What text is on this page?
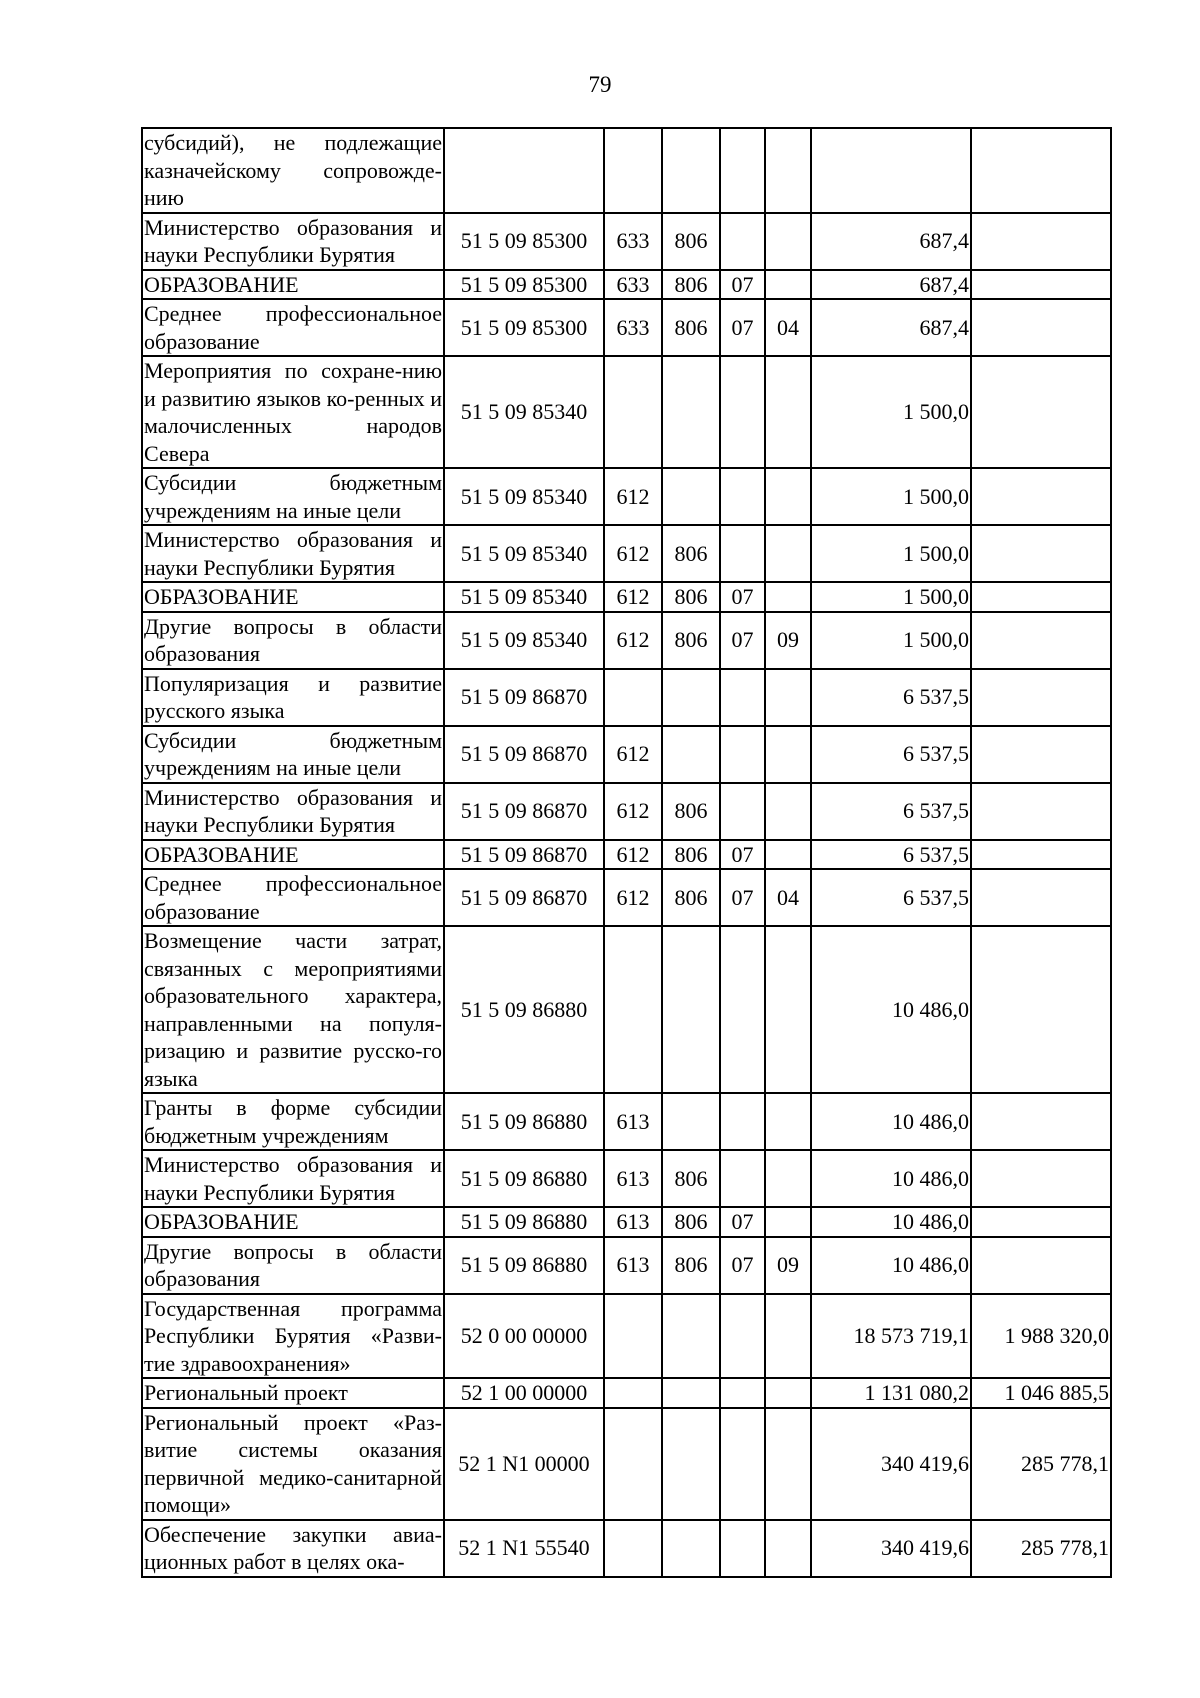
79
субсидий), не подлежащие казначейскому сопровожде-нию							
Министерство образования и науки Республики Бурятия	51 5 09 85300	633	806			687,4	
ОБРАЗОВАНИЕ	51 5 09 85300	633	806	07		687,4	
Среднее профессиональное образование	51 5 09 85300	633	806	07	04	687,4	
Мероприятия по сохране-нию и развитию языков ко-ренных и малочисленных народов Севера	51 5 09 85340					1 500,0	
Субсидии бюджетным учреждениям на иные цели	51 5 09 85340	612				1 500,0	
Министерство образования и науки Республики Бурятия	51 5 09 85340	612	806			1 500,0	
ОБРАЗОВАНИЕ	51 5 09 85340	612	806	07		1 500,0	
Другие вопросы в области образования	51 5 09 85340	612	806	07	09	1 500,0	
Популяризация и развитие русского языка	51 5 09 86870					6 537,5	
Субсидии бюджетным учреждениям на иные цели	51 5 09 86870	612				6 537,5	
Министерство образования и науки Республики Бурятия	51 5 09 86870	612	806			6 537,5	
ОБРАЗОВАНИЕ	51 5 09 86870	612	806	07		6 537,5	
Среднее профессиональное образование	51 5 09 86870	612	806	07	04	6 537,5	
Возмещение части затрат, связанных с мероприятиями образовательного характера, направленными на популя-ризацию и развитие русско-го языка	51 5 09 86880					10 486,0	
Гранты в форме субсидии бюджетным учреждениям	51 5 09 86880	613				10 486,0	
Министерство образования и науки Республики Бурятия	51 5 09 86880	613	806			10 486,0	
ОБРАЗОВАНИЕ	51 5 09 86880	613	806	07		10 486,0	
Другие вопросы в области образования	51 5 09 86880	613	806	07	09	10 486,0	
Государственная программа Республики Бурятия «Разви-тие здравоохранения»	52 0 00 00000					18 573 719,1	1 988 320,0
Региональный проект	52 1 00 00000					1 131 080,2	1 046 885,5
Региональный проект «Раз-витие системы оказания первичной медико-санитарной помощи»	52 1 N1 00000					340 419,6	285 778,1
Обеспечение закупки авиа-ционных работ в целях ока-	52 1 N1 55540					340 419,6	285 778,1
